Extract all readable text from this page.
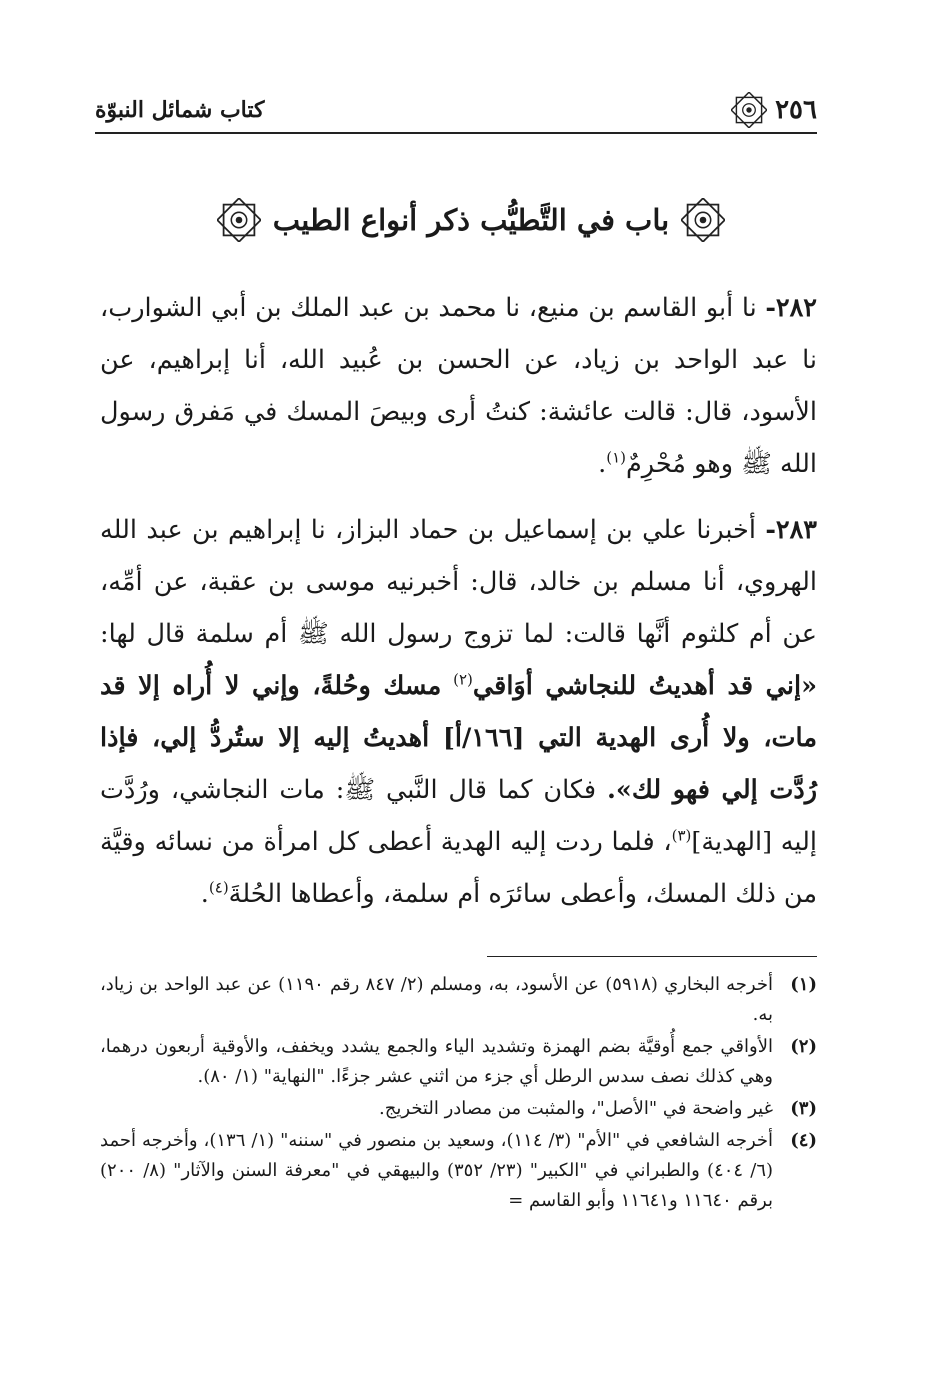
٢٥٦
كتاب شمائل النبوّة
باب في التَّطيُّب ذكر أنواع الطيب

٢٨٢- نا أبو القاسم بن منيع، نا محمد بن عبد الملك بن أبي الشوارب، نا عبد الواحد بن زياد، عن الحسن بن عُبيد الله، أنا إبراهيم، عن الأسود، قال: قالت عائشة: كنتُ أرى وبيصَ المسك في مَفرق رسول الله ﷺ وهو مُحْرِمٌ$^{(١)}$.

٢٨٣- أخبرنا علي بن إسماعيل بن حماد البزاز، نا إبراهيم بن عبد الله الهروي، أنا مسلم بن خالد، قال: أخبرنيه موسى بن عقبة، عن أمِّه، عن أم كلثوم أنَّها قالت: لما تزوج رسول الله ﷺ أم سلمة قال لها: «إني قد أهديتُ للنجاشي أوَاقي$^{(٢)}$ مسك وحُلةً، وإني لا أُراه إلا قد مات، ولا أُرى الهدية التي [١٦٦/أ] أهديتُ إليه إلا ستُردُّ إلي، فإذا رُدَّت إلي فهو لك». فكان كما قال النَّبي ﷺ: مات النجاشي، ورُدَّت إليه [الهدية]$^{(٣)}$، فلما ردت إليه الهدية أعطى كل امرأة من نسائه وقيَّة من ذلك المسك، وأعطى سائرَه أم سلمة، وأعطاها الحُلةَ$^{(٤)}$.

(١)
أخرجه البخاري (٥٩١٨) عن الأسود، به، ومسلم (٢/ ٨٤٧ رقم ١١٩٠) عن عبد الواحد بن زياد، به.
(٢)
الأواقي جمع أُوقيَّة بضم الهمزة وتشديد الياء والجمع يشدد ويخفف، والأوقية أربعون درهما، وهي كذلك نصف سدس الرطل أي جزء من اثني عشر جزءًا. "النهاية" (١/ ٨٠).
(٣)
غير واضحة في "الأصل"، والمثبت من مصادر التخريج.
(٤)
أخرجه الشافعي في "الأم" (٣/ ١١٤)، وسعيد بن منصور في "سننه" (١/ ١٣٦)، وأخرجه أحمد (٦/ ٤٠٤) والطبراني في "الكبير" (٢٣/ ٣٥٢) والبيهقي في "معرفة السنن والآثار" (٨/ ٢٠٠) برقم ١١٦٤٠ و١١٦٤١ وأبو القاسم =
